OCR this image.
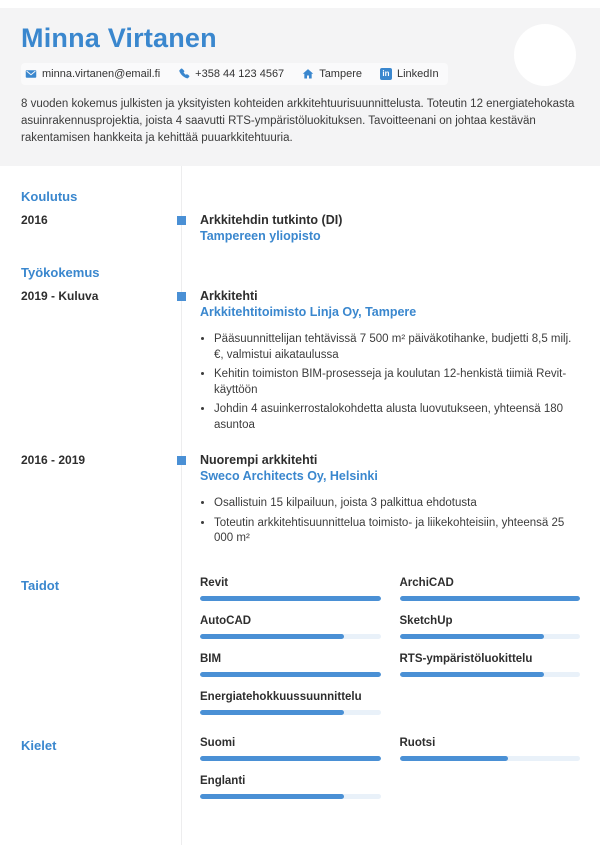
Minna Virtanen
minna.virtanen@email.fi	+358 44 123 4567	Tampere	in LinkedIn
8 vuoden kokemus julkisten ja yksityisten kohteiden arkkitehtuurisuunnittelusta. Toteutin 12 energiatehokasta asuinrakennusprojektia, joista 4 saavutti RTS-ympäristöluokituksen. Tavoitteenani on johtaa kestävän rakentamisen hankkeita ja kehittää puuarkkitehtuuria.
Koulutus
2016	Arkkitehdin tutkinto (DI)
Tampereen yliopisto
Työkokemus
2019 - Kuluva	Arkkitehti
Arkkitehtitoimisto Linja Oy, Tampere
• Pääsuunnittelijan tehtävissä 7 500 m² päiväkotihanke, budjetti 8,5 milj. €, valmistui aikataulussa
• Kehitin toimiston BIM-prosesseja ja koulutan 12-henkistä tiimiä Revit-käyttöön
• Johdin 4 asuinkerrostalokohdetta alusta luovutukseen, yhteensä 180 asuntoa
2016 - 2019	Nuorempi arkkitehti
Sweco Architects Oy, Helsinki
• Osallistuin 15 kilpailuun, joista 3 palkittua ehdotusta
• Toteutin arkkitehtisuunnittelua toimisto- ja liikekohteisiin, yhteensä 25 000 m²
Taidot	Revit	ArchiCAD
AutoCAD	SketchUp
BIM	RTS-ympäristöluokittelu
Energiatehokkuussuunnittelu
Kielet	Suomi	Ruotsi
Englanti
